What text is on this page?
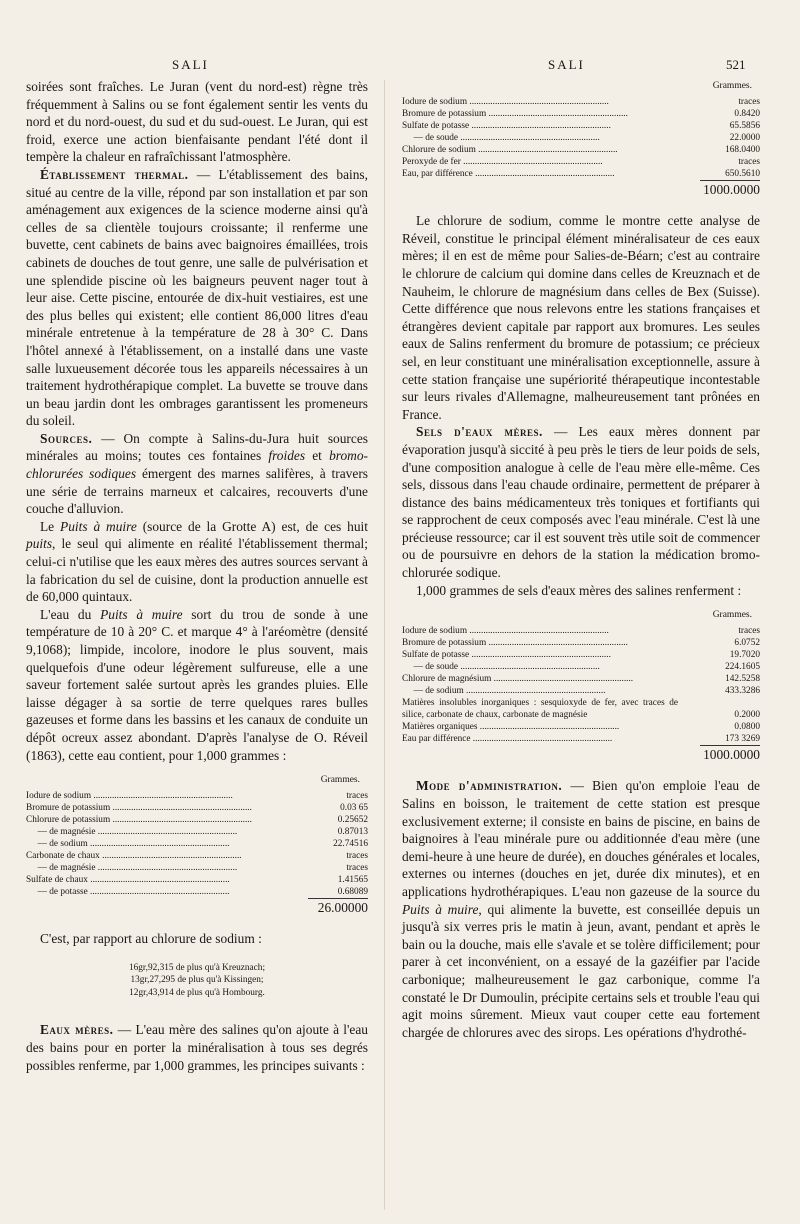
SALI	SALI	521

soirées sont fraîches. Le Juran (vent du nord-est) règne très fréquemment à Salins ou se font également sentir les vents du nord et du nord-ouest, du sud et du sud-ouest. Le Juran, qui est froid, exerce une action bienfaisante pendant l'été dont il tempère la chaleur en rafraîchissant l'atmosphère.

Établissement thermal. — L'établissement des bains, situé au centre de la ville, répond par son installation et par son aménagement aux exigences de la science moderne ainsi qu'à celles de sa clientèle toujours croissante; il renferme une buvette, cent cabinets de bains avec baignoires émaillées, trois cabinets de douches de tout genre, une salle de pulvérisation et une splendide piscine où les baigneurs peuvent nager tout à leur aise. Cette piscine, entourée de dix-huit vestiaires, est une des plus belles qui existent; elle contient 86,000 litres d'eau minérale entretenue à la température de 28 à 30° C. Dans l'hôtel annexé à l'établissement, on a installé dans une vaste salle luxueusement décorée tous les appareils nécessaires à un traitement hydrothérapique complet. La buvette se trouve dans un beau jardin dont les ombrages garantissent les promeneurs du soleil.

Sources. — On compte à Salins-du-Jura huit sources minérales au moins; toutes ces fontaines froides et bromo-chlorurées sodiques émergent des marnes salifères, à travers une série de terrains marneux et calcaires, recouverts d'une couche d'alluvion.

Le Puits à muire (source de la Grotte A) est, de ces huit puits, le seul qui alimente en réalité l'établissement thermal; celui-ci n'utilise que les eaux mères des autres sources servant à la fabrication du sel de cuisine, dont la production annuelle est de 60,000 quintaux.

L'eau du Puits à muire sort du trou de sonde à une température de 10 à 20° C. et marque 4° à l'aréomètre (densité 9,1068); limpide, incolore, inodore le plus souvent, mais quelquefois d'une odeur légèrement sulfureuse, elle a une saveur fortement salée surtout après les grandes pluies. Elle laisse dégager à sa sortie de terre quelques rares bulles gazeuses et forme dans les bassins et les canaux de conduite un dépôt ocreux assez abondant. D'après l'analyse de O. Réveil (1863), cette eau contient, pour 1,000 grammes :

Grammes.
Iodure de sodium ............................................................	traces
Bromure de potassium ............................................................	0.03 65
Chlorure de potassium ............................................................	0.25652
— de magnésie ............................................................	0.87013
— de sodium ............................................................	22.74516
Carbonate de chaux ............................................................	traces
— de magnésie ............................................................	traces
Sulfate de chaux ............................................................	1.41565
— de potasse ............................................................	0.68089
26.00000

C'est, par rapport au chlorure de sodium :

16gr,92,315 de plus qu'à Kreuznach;
13gr,27,295 de plus qu'à Kissingen;
12gr,43,914 de plus qu'à Hombourg.

Eaux mères. — L'eau mère des salines qu'on ajoute à l'eau des bains pour en porter la minéralisation à tous ses degrés possibles renferme, par 1,000 grammes, les principes suivants :

Grammes.
Iodure de sodium ............................................................	traces
Bromure de potassium ............................................................	0.8420
Sulfate de potasse ............................................................	65.5856
— de soude ............................................................	22.0000
Chlorure de sodium ............................................................	168.0400
Peroxyde de fer ............................................................	traces
Eau, par différence ............................................................	650.5610
1000.0000

Le chlorure de sodium, comme le montre cette analyse de Réveil, constitue le principal élément minéralisateur de ces eaux mères; il en est de même pour Salies-de-Béarn; c'est au contraire le chlorure de calcium qui domine dans celles de Kreuznach et de Nauheim, le chlorure de magnésium dans celles de Bex (Suisse). Cette différence que nous relevons entre les stations françaises et étrangères devient capitale par rapport aux bromures. Les seules eaux de Salins renferment du bromure de potassium; ce précieux sel, en leur constituant une minéralisation exceptionnelle, assure à cette station française une supériorité thérapeutique incontestable sur leurs rivales d'Allemagne, malheureusement tant prônées en France.

Sels d'eaux mères. — Les eaux mères donnent par évaporation jusqu'à siccité à peu près le tiers de leur poids de sels, d'une composition analogue à celle de l'eau mère elle-même. Ces sels, dissous dans l'eau chaude ordinaire, permettent de préparer à distance des bains médicamenteux très toniques et fortifiants qui se rapprochent de ceux composés avec l'eau minérale. C'est là une précieuse ressource; car il est souvent très utile soit de commencer ou de poursuivre en dehors de la station la médication bromo-chlorurée sodique.

1,000 grammes de sels d'eaux mères des salines renferment :

Grammes.
Iodure de sodium ............................................................	traces
Bromure de potassium ............................................................	6.0752
Sulfate de potasse ............................................................	19.7020
— de soude ............................................................	224.1605
Chlorure de magnésium ............................................................	142.5258
— de sodium ............................................................	433.3286
Matières insolubles inorganiques : sesquioxyde de fer, avec traces de silice, carbonate de chaux, carbonate de magnésie	0.2000
Matières organiques ............................................................	0.0800
Eau par différence ............................................................	173 3269
1000.0000

Mode d'administration. — Bien qu'on emploie l'eau de Salins en boisson, le traitement de cette station est presque exclusivement externe; il consiste en bains de piscine, en bains de baignoires à l'eau minérale pure ou additionnée d'eau mère (une demi-heure à une heure de durée), en douches générales et locales, externes ou internes (douches en jet, durée dix minutes), et en applications hydrothérapiques. L'eau non gazeuse de la source du Puits à muire, qui alimente la buvette, est conseillée depuis un jusqu'à six verres pris le matin à jeun, avant, pendant et après le bain ou la douche, mais elle s'avale et se tolère difficilement; pour parer à cet inconvénient, on a essayé de la gazéifier par l'acide carbonique; malheureusement le gaz carbonique, comme l'a constaté le Dr Dumoulin, précipite certains sels et trouble l'eau qui agit moins sûrement. Mieux vaut couper cette eau fortement chargée de chlorures avec des sirops. Les opérations d'hydrothé-
